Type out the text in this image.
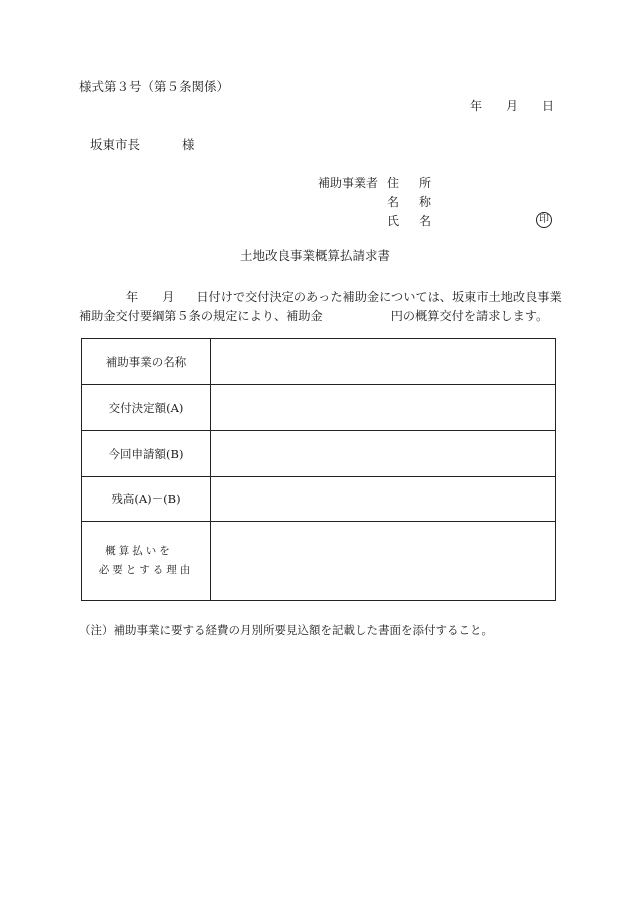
様式第３号（第５条関係）
年 月 日
坂東市長	様
補助事業者 住　所
名　称
氏　名	印
土地改良事業概算払請求書
年 月 日付けで交付決定のあった補助金については、坂東市土地改良事業
補助金交付要綱第５条の規定により、補助金	円の概算交付を請求します。
補助事業の名称	
交付決定額(A)	
今回申請額(B)	
残高(A)－(B)	

概算払いを
必要とする理由	

（注）補助事業に要する経費の月別所要見込額を記載した書面を添付すること。
